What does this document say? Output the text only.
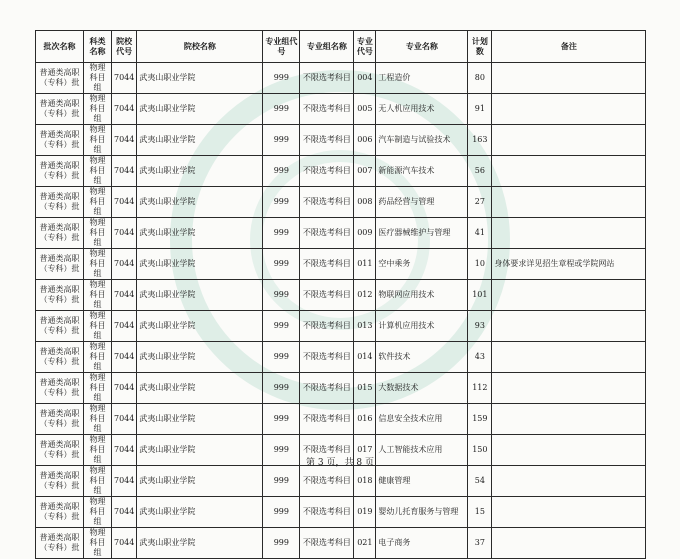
批次名称	科类名称	院校代号	院校名称	专业组代号	专业组名称	专业代号	专业名称	计划数	备注
普通类高职（专科）批	物理科目组	7044	武夷山职业学院	999	不限选考科目	004	工程造价	80	
普通类高职（专科）批	物理科目组	7044	武夷山职业学院	999	不限选考科目	005	无人机应用技术	91	
普通类高职（专科）批	物理科目组	7044	武夷山职业学院	999	不限选考科目	006	汽车制造与试验技术	163	
普通类高职（专科）批	物理科目组	7044	武夷山职业学院	999	不限选考科目	007	新能源汽车技术	56	
普通类高职（专科）批	物理科目组	7044	武夷山职业学院	999	不限选考科目	008	药品经营与管理	27	
普通类高职（专科）批	物理科目组	7044	武夷山职业学院	999	不限选考科目	009	医疗器械维护与管理	41	
普通类高职（专科）批	物理科目组	7044	武夷山职业学院	999	不限选考科目	011	空中乘务	10	身体要求详见招生章程或学院网站
普通类高职（专科）批	物理科目组	7044	武夷山职业学院	999	不限选考科目	012	物联网应用技术	101	
普通类高职（专科）批	物理科目组	7044	武夷山职业学院	999	不限选考科目	013	计算机应用技术	93	
普通类高职（专科）批	物理科目组	7044	武夷山职业学院	999	不限选考科目	014	软件技术	43	
普通类高职（专科）批	物理科目组	7044	武夷山职业学院	999	不限选考科目	015	大数据技术	112	
普通类高职（专科）批	物理科目组	7044	武夷山职业学院	999	不限选考科目	016	信息安全技术应用	159	
普通类高职（专科）批	物理科目组	7044	武夷山职业学院	999	不限选考科目	017	人工智能技术应用	150	
普通类高职（专科）批	物理科目组	7044	武夷山职业学院	999	不限选考科目	018	健康管理	54	
普通类高职（专科）批	物理科目组	7044	武夷山职业学院	999	不限选考科目	019	婴幼儿托育服务与管理	15	
普通类高职（专科）批	物理科目组	7044	武夷山职业学院	999	不限选考科目	021	电子商务	37	
第 3 页，共 8 页
